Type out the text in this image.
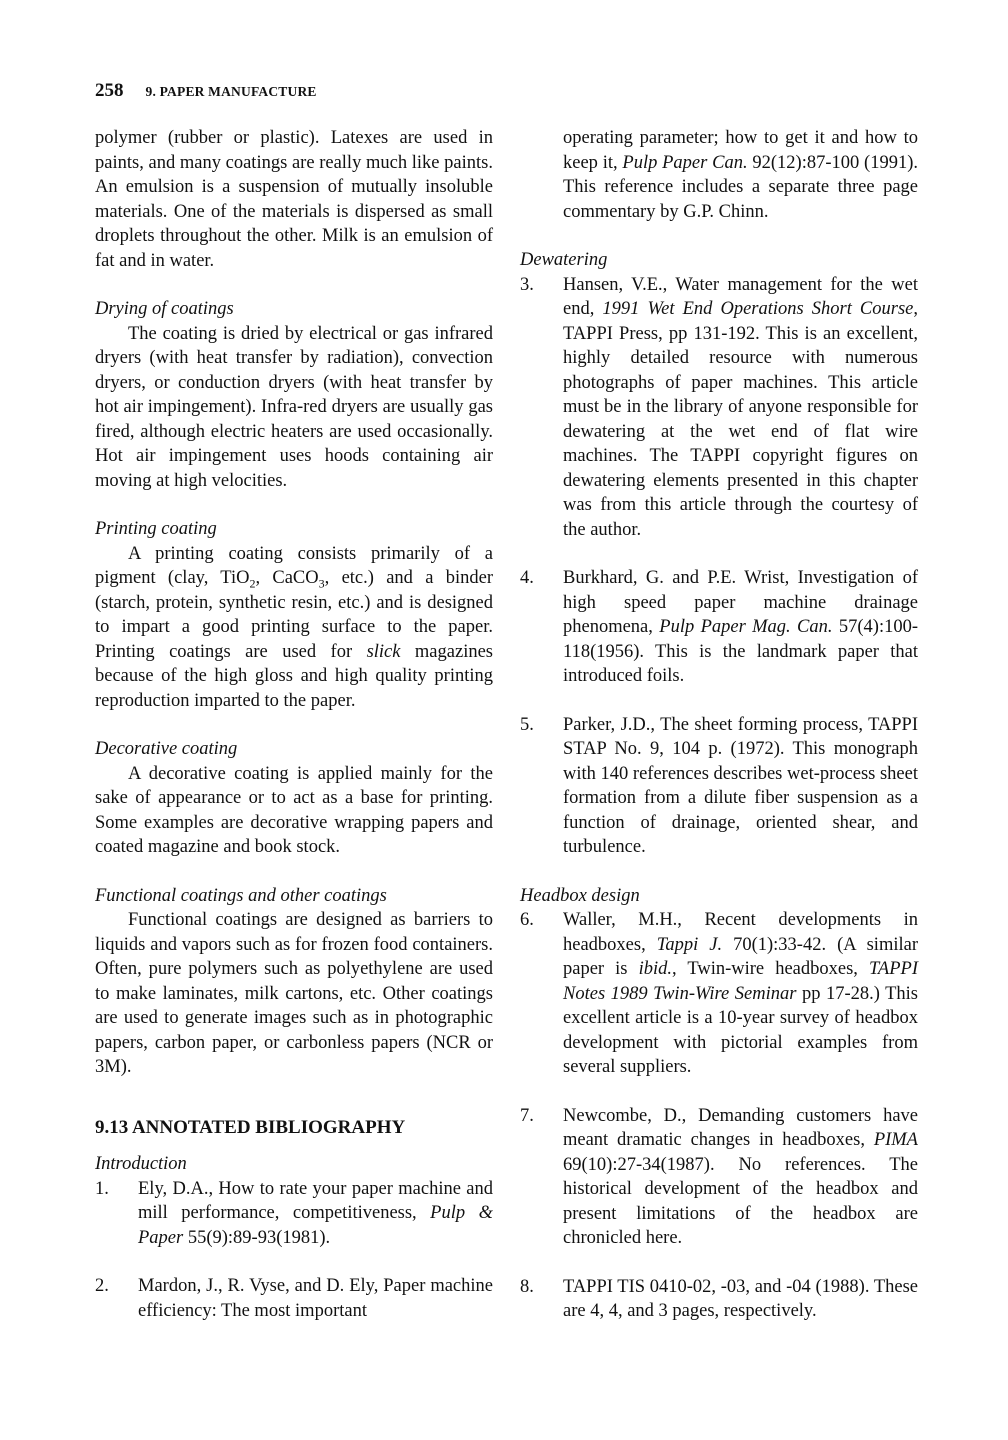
258 9. PAPER MANUFACTURE

polymer (rubber or plastic). Latexes are used in paints, and many coatings are really much like paints. An emulsion is a suspension of mutually insoluble materials. One of the materials is dispersed as small droplets throughout the other. Milk is an emulsion of fat and in water.

Drying of coatings

The coating is dried by electrical or gas infrared dryers (with heat transfer by radiation), convection dryers, or conduction dryers (with heat transfer by hot air impingement). Infra-red dryers are usually gas fired, although electric heaters are used occasionally. Hot air impingement uses hoods containing air moving at high velocities.

Printing coating

A printing coating consists primarily of a pigment (clay, TiO$_2$, CaCO$_3$, etc.) and a binder (starch, protein, synthetic resin, etc.) and is designed to impart a good printing surface to the paper. Printing coatings are used for slick magazines because of the high gloss and high quality printing reproduction imparted to the paper.

Decorative coating

A decorative coating is applied mainly for the sake of appearance or to act as a base for printing. Some examples are decorative wrapping papers and coated magazine and book stock.

Functional coatings and other coatings

Functional coatings are designed as barriers to liquids and vapors such as for frozen food containers. Often, pure polymers such as polyethylene are used to make laminates, milk cartons, etc. Other coatings are used to generate images such as in photographic papers, carbon paper, or carbonless papers (NCR or 3M).

9.13 ANNOTATED BIBLIOGRAPHY

Introduction

1.	Ely, D.A., How to rate your paper machine and mill performance, competitiveness, Pulp & Paper 55(9):89-93(1981).
2.	Mardon, J., R. Vyse, and D. Ely, Paper machine efficiency: The most important
operating parameter; how to get it and how to keep it, Pulp Paper Can. 92(12):87-100 (1991). This reference includes a separate three page commentary by G.P. Chinn.

Dewatering

3.	Hansen, V.E., Water management for the wet end, 1991 Wet End Operations Short Course, TAPPI Press, pp 131-192. This is an excellent, highly detailed resource with numerous photographs of paper machines. This article must be in the library of anyone responsible for dewatering at the wet end of flat wire machines. The TAPPI copyright figures on dewatering elements presented in this chapter was from this article through the courtesy of the author.
4.	Burkhard, G. and P.E. Wrist, Investigation of high speed paper machine drainage phenomena, Pulp Paper Mag. Can. 57(4):100-118(1956). This is the landmark paper that introduced foils.
5.	Parker, J.D., The sheet forming process, TAPPI STAP No. 9, 104 p. (1972). This monograph with 140 references describes wet-process sheet formation from a dilute fiber suspension as a function of drainage, oriented shear, and turbulence.

Headbox design

6.	Waller, M.H., Recent developments in headboxes, Tappi J. 70(1):33-42. (A similar paper is ibid., Twin-wire headboxes, TAPPI Notes 1989 Twin-Wire Seminar pp 17-28.) This excellent article is a 10-year survey of headbox development with pictorial examples from several suppliers.
7.	Newcombe, D., Demanding customers have meant dramatic changes in headboxes, PIMA 69(10):27-34(1987). No references. The historical development of the headbox and present limitations of the headbox are chronicled here.
8.	TAPPI TIS 0410-02, -03, and -04 (1988). These are 4, 4, and 3 pages, respectively.
